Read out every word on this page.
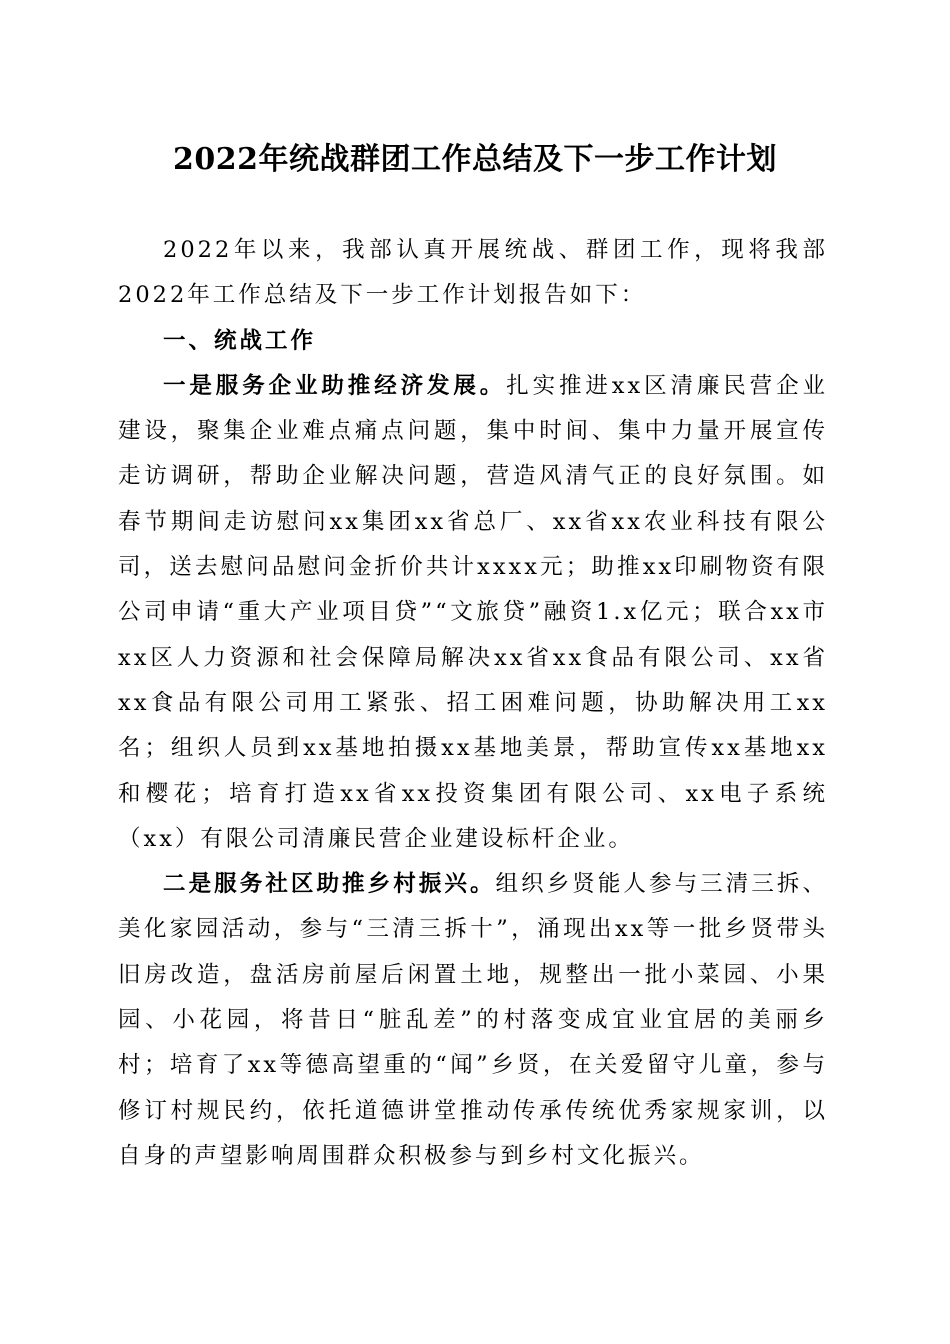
2022年统战群团工作总结及下一步工作计划

2022年以来，我部认真开展统战、群团工作，现将我部2022年工作总结及下一步工作计划报告如下：

一、统战工作

一是服务企业助推经济发展。扎实推进xx区清廉民营企业建设，聚集企业难点痛点问题，集中时间、集中力量开展宣传走访调研，帮助企业解决问题，营造风清气正的良好氛围。如春节期间走访慰问xx集团xx省总厂、xx省xx农业科技有限公司，送去慰问品慰问金折价共计xxxx元；助推xx印刷物资有限公司申请“重大产业项目贷”“文旅贷”融资1.x亿元；联合xx市xx区人力资源和社会保障局解决xx省xx食品有限公司、xx省xx食品有限公司用工紧张、招工困难问题，协助解决用工xx名；组织人员到xx基地拍摄xx基地美景，帮助宣传xx基地xx和樱花；培育打造xx省xx投资集团有限公司、xx电子系统（xx）有限公司清廉民营企业建设标杆企业。

二是服务社区助推乡村振兴。组织乡贤能人参与三清三拆、美化家园活动，参与“三清三拆十”，涌现出xx等一批乡贤带头旧房改造，盘活房前屋后闲置土地，规整出一批小菜园、小果园、小花园，将昔日“脏乱差”的村落变成宜业宜居的美丽乡村；培育了xx等德高望重的“闻”乡贤，在关爱留守儿童，参与修订村规民约，依托道德讲堂推动传承传统优秀家规家训，以自身的声望影响周围群众积极参与到乡村文化振兴。
